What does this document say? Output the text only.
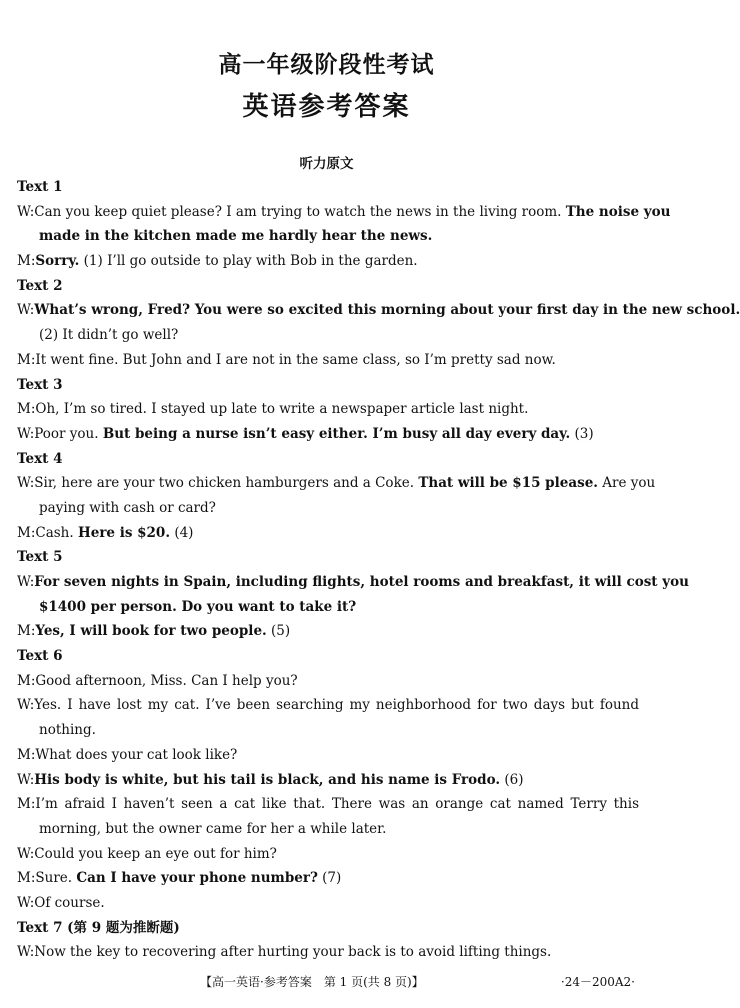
高一年级阶段性考试
英语参考答案
听力原文
Text 1
W:Can you keep quiet please? I am trying to watch the news in the living room. The noise you
made in the kitchen made me hardly hear the news.
M:Sorry. (1) I’ll go outside to play with Bob in the garden.
Text 2
W:What’s wrong, Fred? You were so excited this morning about your first day in the new school.
(2) It didn’t go well?
M:It went fine. But John and I are not in the same class, so I’m pretty sad now.
Text 3
M:Oh, I’m so tired. I stayed up late to write a newspaper article last night.
W:Poor you. But being a nurse isn’t easy either. I’m busy all day every day. (3)
Text 4
W:Sir, here are your two chicken hamburgers and a Coke. That will be $15 please. Are you
paying with cash or card?
M:Cash. Here is $20. (4)
Text 5
W:For seven nights in Spain, including flights, hotel rooms and breakfast, it will cost you
$1400 per person. Do you want to take it?
M:Yes, I will book for two people. (5)
Text 6
M:Good afternoon, Miss. Can I help you?
W:Yes. I have lost my cat. I’ve been searching my neighborhood for two days but found
nothing.
M:What does your cat look like?
W:His body is white, but his tail is black, and his name is Frodo. (6)
M:I’m afraid I haven’t seen a cat like that. There was an orange cat named Terry this
morning, but the owner came for her a while later.
W:Could you keep an eye out for him?
M:Sure. Can I have your phone number? (7)
W:Of course.
Text 7 (第 9 题为推断题)
W:Now the key to recovering after hurting your back is to avoid lifting things.
【高一英语·参考答案　第 1 页(共 8 页)】	·24－200A2·
